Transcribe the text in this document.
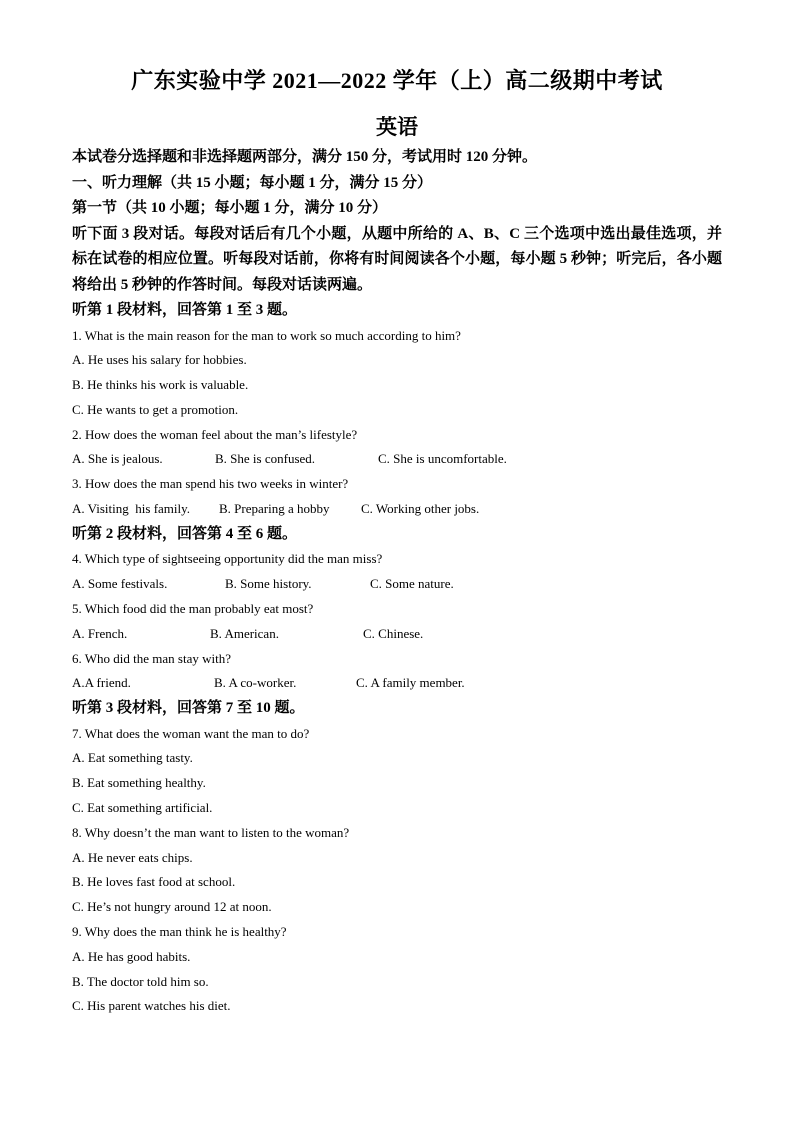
广东实验中学 2021—2022 学年（上）高二级期中考试
英语

本试卷分选择题和非选择题两部分，满分 150 分，考试用时 120 分钟。

一、听力理解（共 15 小题；每小题 1 分，满分 15 分）

第一节（共 10 小题；每小题 1 分，满分 10 分）

听下面 3 段对话。每段对话后有几个小题，从题中所给的 A、B、C 三个选项中选出最佳选项，并标在试卷的相应位置。听每段对话前，你将有时间阅读各个小题，每小题 5 秒钟；听完后，各小题将给出 5 秒钟的作答时间。每段对话读两遍。

听第 1 段材料，回答第 1 至 3 题。

1. What is the main reason for the man to work so much according to him?

A. He uses his salary for hobbies.

B. He thinks his work is valuable.

C. He wants to get a promotion.

2. How does the woman feel about the man’s lifestyle?

A. She is jealous.

	B. She is confused.

	C. She is uncomfortable.

3. How does the man spend his two weeks in winter?

A. Visiting  his family.

B. Preparing a hobby

C. Working other jobs.

听第 2 段材料，回答第 4 至 6 题。

4. Which type of sightseeing opportunity did the man miss?

A. Some festivals.

	B. Some history.

	C. Some nature.

5. Which food did the man probably eat most?

A. French.

	B. American.

	C. Chinese.

6. Who did the man stay with?

A.A friend.

	B. A co-worker.

	C. A family member.

听第 3 段材料，回答第 7 至 10 题。

7. What does the woman want the man to do?

A. Eat something tasty.

B. Eat something healthy.

C. Eat something artificial.

8. Why doesn’t the man want to listen to the woman?

A. He never eats chips.

B. He loves fast food at school.

C. He’s not hungry around 12 at noon.

9. Why does the man think he is healthy?

A. He has good habits.

B. The doctor told him so.

C. His parent watches his diet.
